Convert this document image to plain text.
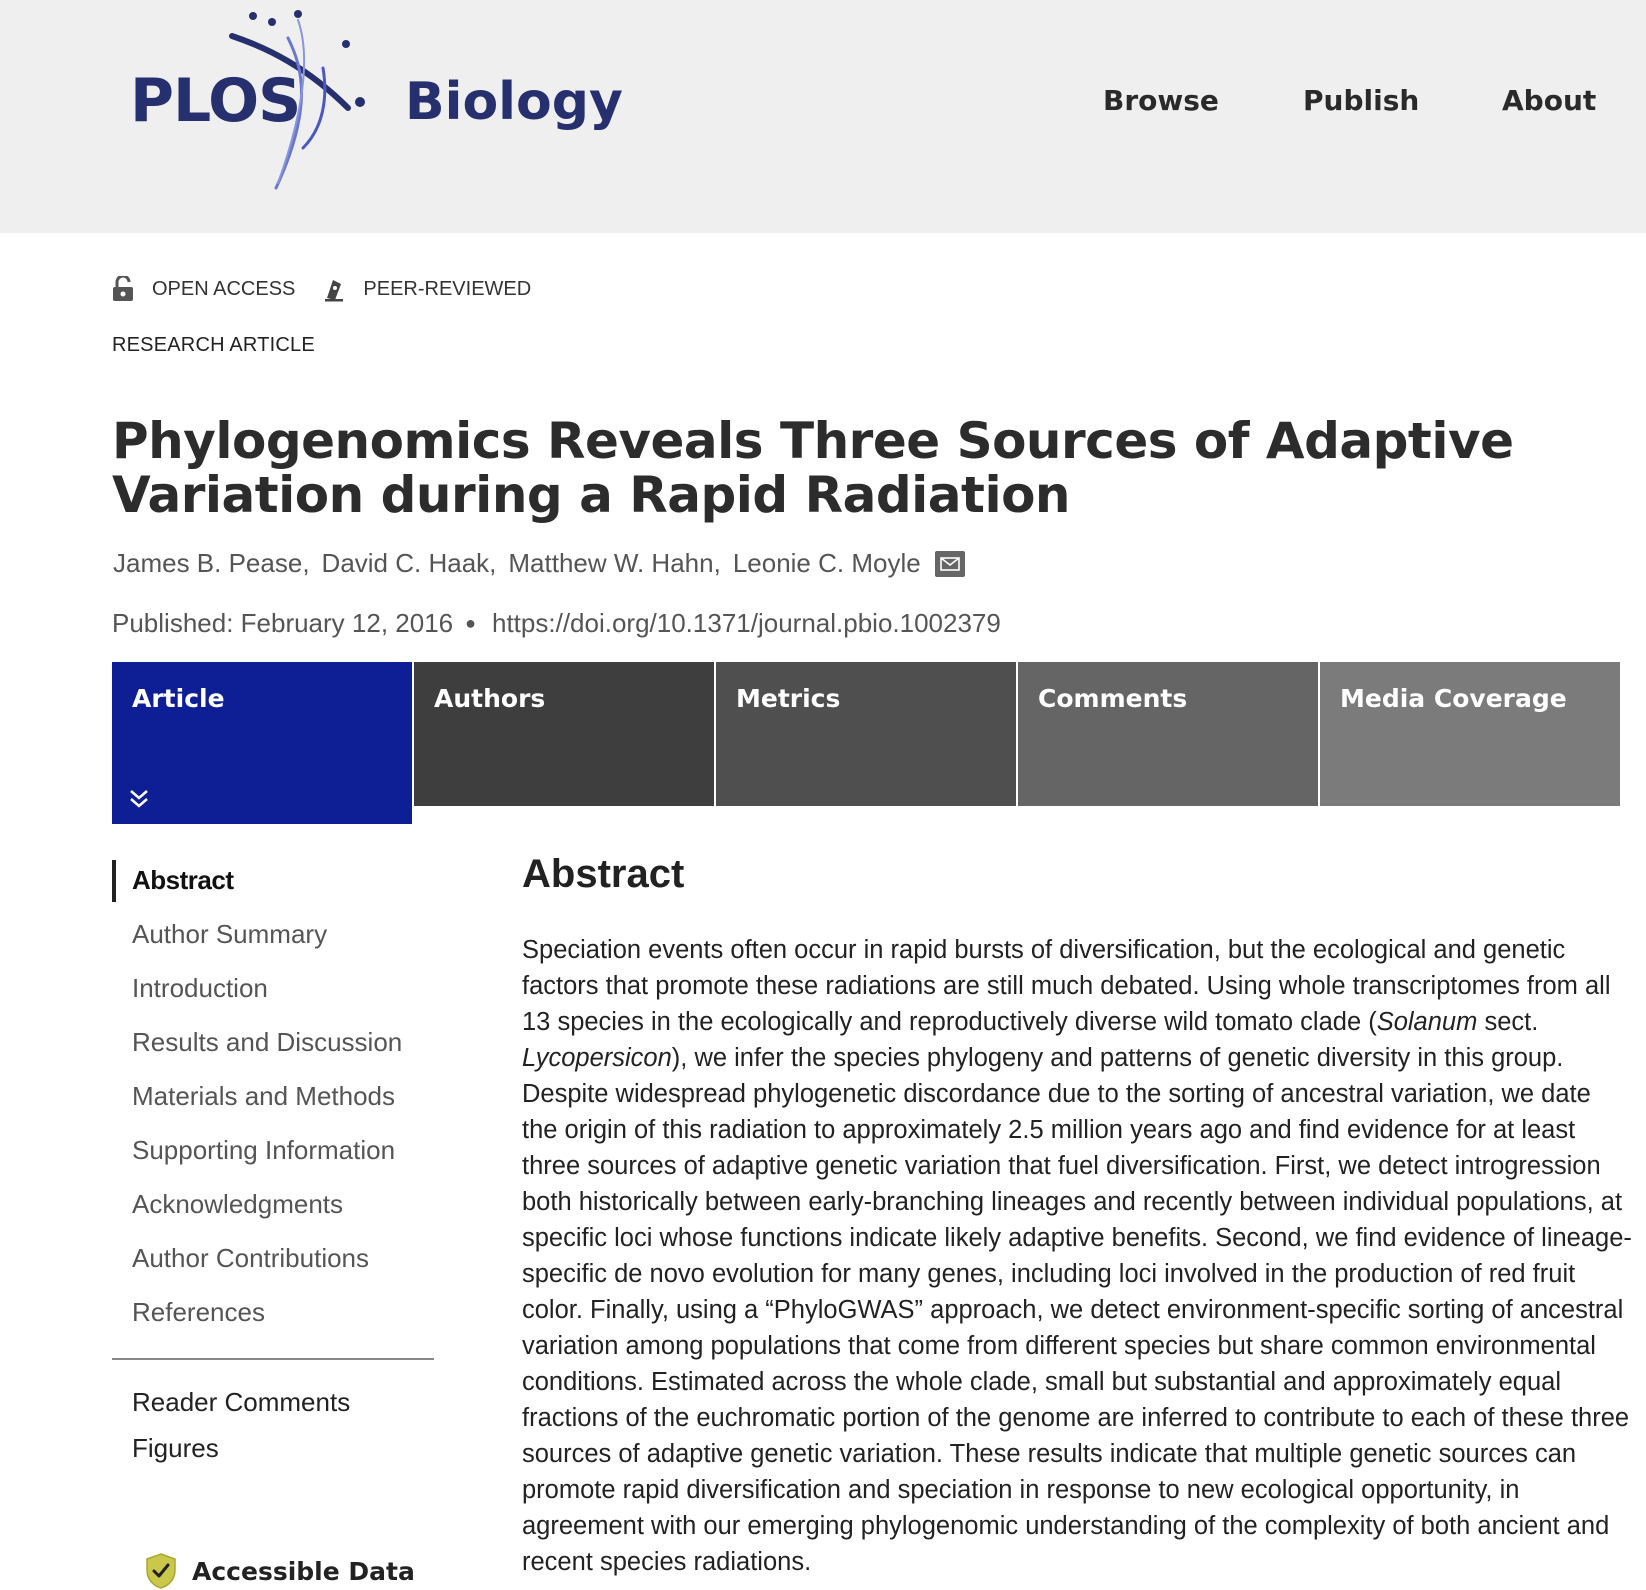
PLOS Biology	Browse	Publish	About
OPEN ACCESS	PEER-REVIEWED
RESEARCH ARTICLE
Phylogenomics Reveals Three Sources of Adaptive Variation during a Rapid Radiation
James B. Pease, David C. Haak, Matthew W. Hahn, Leonie C. Moyle
Published: February 12, 2016 ● https://doi.org/10.1371/journal.pbio.1002379
Article	Authors	Metrics	Comments	Media Coverage
Abstract
Author Summary
Introduction
Results and Discussion
Materials and Methods
Supporting Information
Acknowledgments
Author Contributions
References
Reader Comments
Figures
Accessible Data
Abstract

Speciation events often occur in rapid bursts of diversification, but the ecological and genetic factors that promote these radiations are still much debated. Using whole transcriptomes from all 13 species in the ecologically and reproductively diverse wild tomato clade (Solanum sect. Lycopersicon), we infer the species phylogeny and patterns of genetic diversity in this group. Despite widespread phylogenetic discordance due to the sorting of ancestral variation, we date the origin of this radiation to approximately 2.5 million years ago and find evidence for at least three sources of adaptive genetic variation that fuel diversification. First, we detect introgression both historically between early-branching lineages and recently between individual populations, at specific loci whose functions indicate likely adaptive benefits. Second, we find evidence of lineage-specific de novo evolution for many genes, including loci involved in the production of red fruit color. Finally, using a “PhyloGWAS” approach, we detect environment-specific sorting of ancestral variation among populations that come from different species but share common environmental conditions. Estimated across the whole clade, small but substantial and approximately equal fractions of the euchromatic portion of the genome are inferred to contribute to each of these three sources of adaptive genetic variation. These results indicate that multiple genetic sources can promote rapid diversification and speciation in response to new ecological opportunity, in agreement with our emerging phylogenomic understanding of the complexity of both ancient and recent species radiations.
